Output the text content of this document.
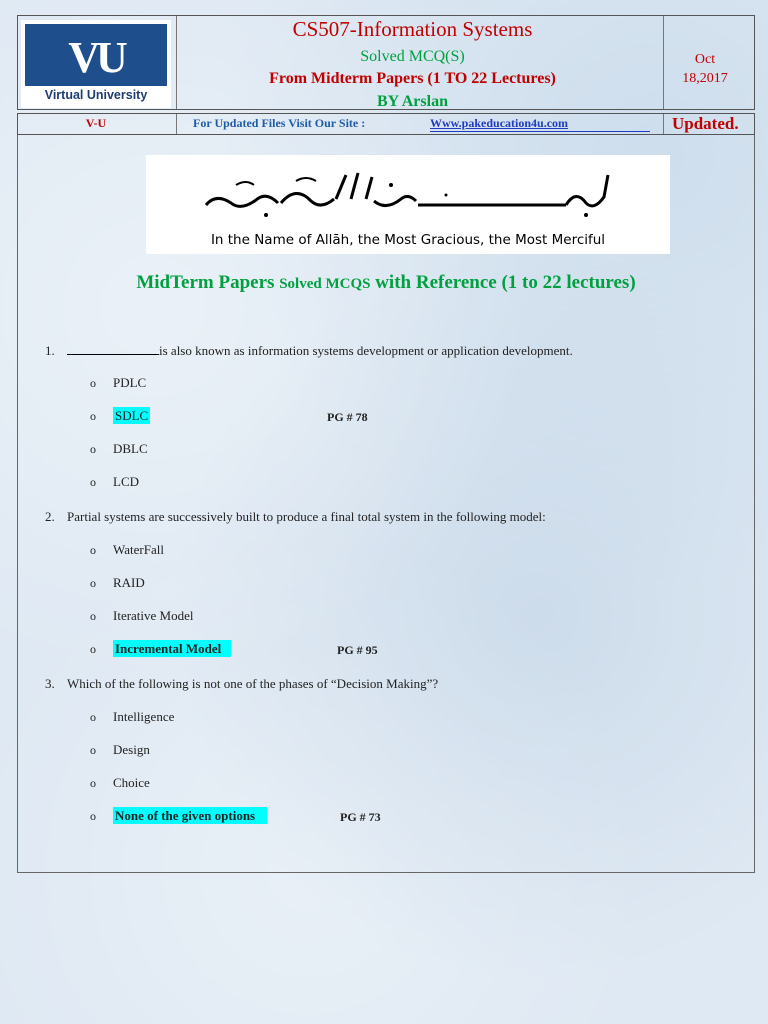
VU
Virtual University
CS507-Information Systems
Solved MCQ(S)
From Midterm Papers (1 TO 22 Lectures)
BY Arslan
Oct
18,2017
V-U	For Updated Files Visit Our Site :	Www.pakeducation4u.com	Updated.
In the Name of Allāh, the Most Gracious, the Most Merciful
MidTerm Papers Solved MCQS with Reference (1 to 22 lectures)
1.	is also known as information systems development or application development.
o PDLC
o SDLC	PG # 78
o DBLC
o LCD
2. Partial systems are successively built to produce a final total system in the following model:
o WaterFall
o RAID
o Iterative Model
o Incremental Model	PG # 95
3. Which of the following is not one of the phases of “Decision Making”?
o Intelligence
o Design
o Choice
o None of the given options	PG # 73
